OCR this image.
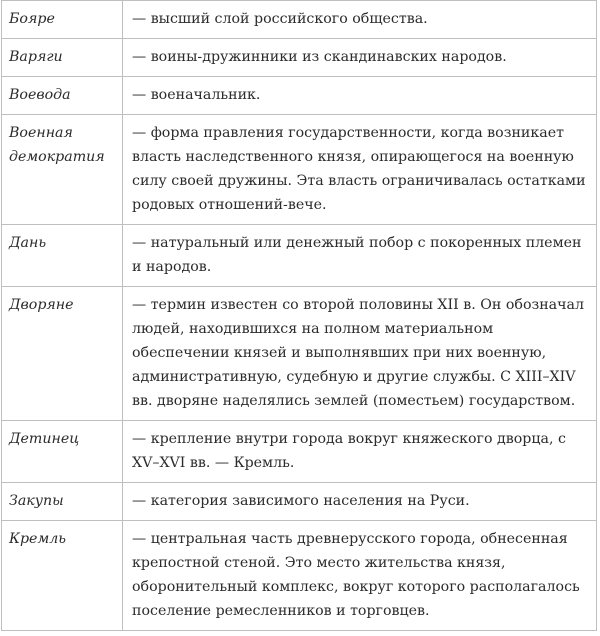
Бояре	— высший слой российского общества.
Варяги	— воины-дружинники из скандинавских народов.
Воевода	— военачальник.
Военная демократия	— форма правления государственности, когда возникает власть наследственного князя, опирающегося на военную силу своей дружины. Эта власть ограничивалась остатками родовых отношений-вече.
Дань	— натуральный или денежный побор с покоренных племен и народов.
Дворяне	— термин известен со второй половины XII в. Он обозначал людей, находившихся на полном материальном обеспечении князей и выполнявших при них военную, административную, судебную и другие службы. С XIII–XIV вв. дворяне наделялись землей (поместьем) государством.
Детинец	— крепление внутри города вокруг княжеского дворца, с XV–XVI вв. — Кремль.
Закупы	— категория зависимого населения на Руси.
Кремль	— центральная часть древнерусского города, обнесенная крепостной стеной. Это место жительства князя, оборонительный комплекс, вокруг которого располагалось поселение ремесленников и торговцев.
